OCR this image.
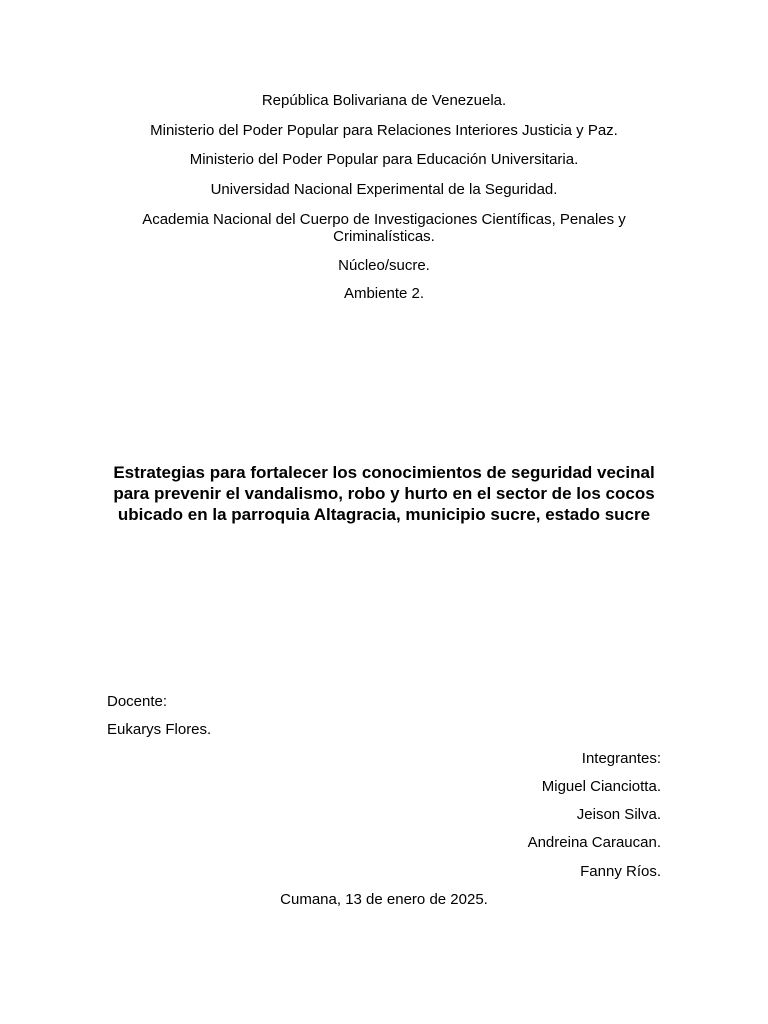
República Bolivariana de Venezuela.
Ministerio del Poder Popular para Relaciones Interiores Justicia y Paz.
Ministerio del Poder Popular para Educación Universitaria.
Universidad Nacional Experimental de la Seguridad.
Academia Nacional del Cuerpo de Investigaciones Científicas, Penales y Criminalísticas.
Núcleo/sucre.
Ambiente 2.
Estrategias para fortalecer los conocimientos de seguridad vecinal para prevenir el vandalismo, robo y hurto en el sector de los cocos ubicado en la parroquia Altagracia, municipio sucre, estado sucre
Docente:
Eukarys Flores.
Integrantes:
Miguel Cianciotta.
Jeison Silva.
Andreina Caraucan.
Fanny Ríos.
Cumana, 13 de enero de 2025.
